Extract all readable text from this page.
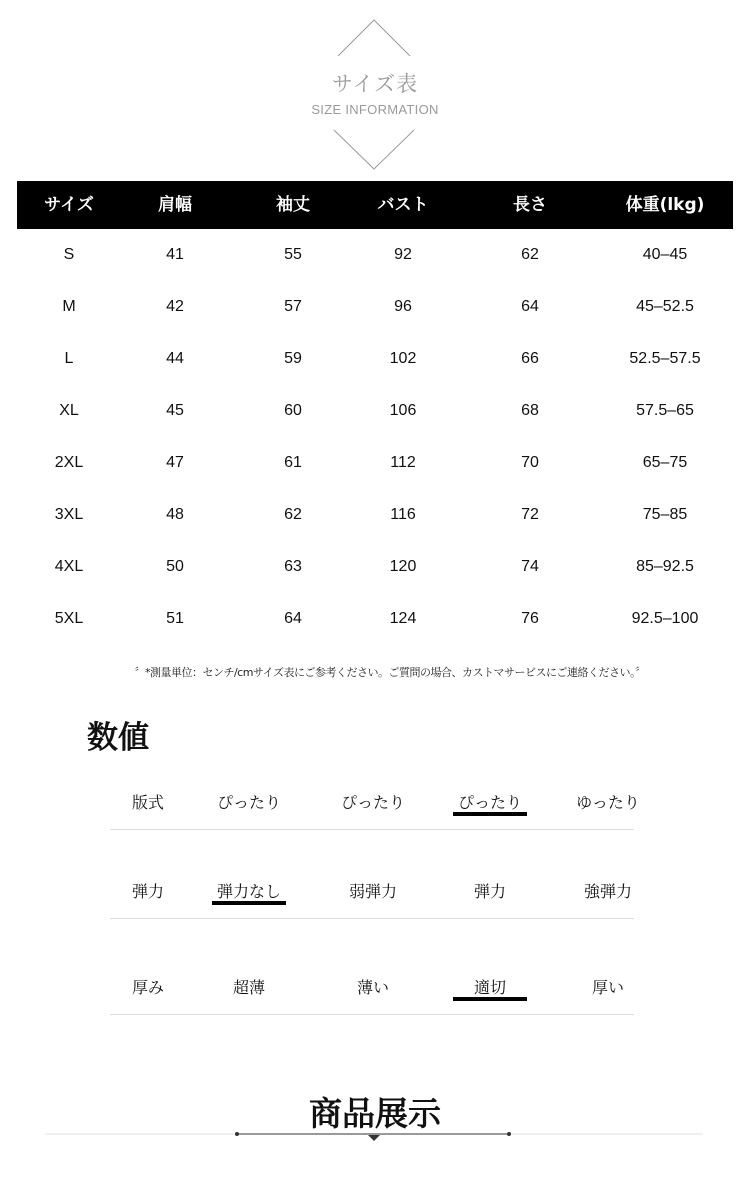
サイズ表
SIZE INFORMATION
サイズ	肩幅	袖丈	バスト	長さ	体重(lkg)
S	41	55	92	62	40–45
M	42	57	96	64	45–52.5
L	44	59	102	66	52.5–57.5
XL	45	60	106	68	57.5–65
2XL	47	61	112	70	65–75
3XL	48	62	116	72	75–85
4XL	50	63	120	74	85–92.5
5XL	51	64	124	76	92.5–100
〞*測量単位：センチ/cmサイズ表にご参考ください。ご質問の場合、カストマサービスにご連絡ください。〞
数値
版式	ぴったり	ぴったり	ぴったり	ゆったり
弾力	弾力なし	弱弾力	弾力	強弾力
厚み	超薄	薄い	適切	厚い
商品展示
